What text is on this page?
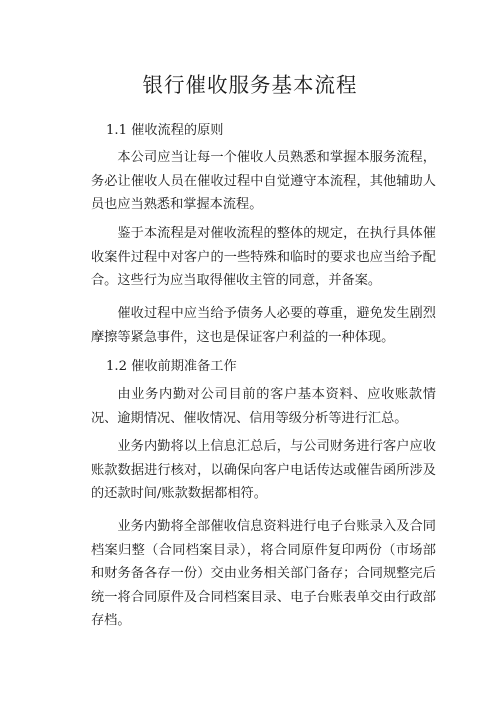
银行催收服务基本流程
1.1 催收流程的原则

本公司应当让每一个催收人员熟悉和掌握本服务流程，务必让催收人员在催收过程中自觉遵守本流程，其他辅助人员也应当熟悉和掌握本流程。

鉴于本流程是对催收流程的整体的规定，在执行具体催收案件过程中对客户的一些特殊和临时的要求也应当给予配合。这些行为应当取得催收主管的同意，并备案。

催收过程中应当给予债务人必要的尊重，避免发生剧烈摩擦等紧急事件，这也是保证客户利益的一种体现。

1.2 催收前期准备工作

由业务内勤对公司目前的客户基本资料、应收账款情况、逾期情况、催收情况、信用等级分析等进行汇总。

业务内勤将以上信息汇总后，与公司财务进行客户应收账款数据进行核对，以确保向客户电话传达或催告函所涉及的还款时间/账款数据都相符。

业务内勤将全部催收信息资料进行电子台账录入及合同档案归整（合同档案目录），将合同原件复印两份（市场部和财务备各存一份）交由业务相关部门备存；合同规整完后统一将合同原件及合同档案目录、电子台账表单交由行政部存档。
